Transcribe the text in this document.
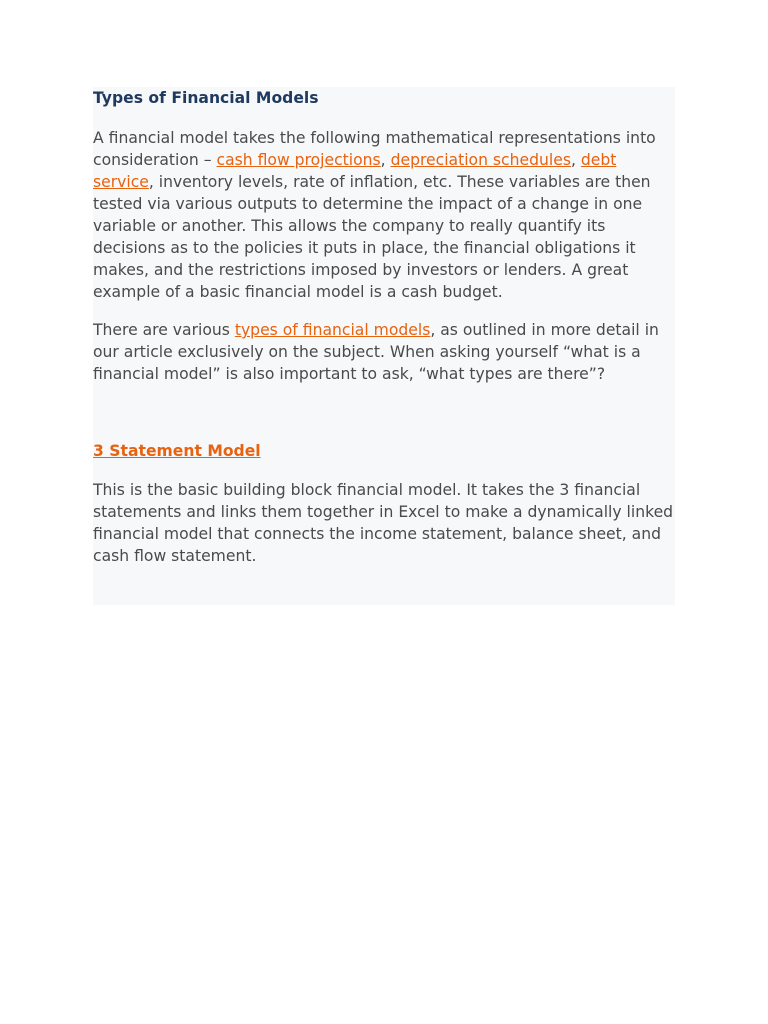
Types of Financial Models

A financial model takes the following mathematical representations into consideration – cash flow projections, depreciation schedules, debt service, inventory levels, rate of inflation, etc. These variables are then tested via various outputs to determine the impact of a change in one variable or another. This allows the company to really quantify its decisions as to the policies it puts in place, the financial obligations it makes, and the restrictions imposed by investors or lenders. A great example of a basic financial model is a cash budget.

There are various types of financial models, as outlined in more detail in our article exclusively on the subject. When asking yourself “what is a financial model” is also important to ask, “what types are there”?

3 Statement Model

This is the basic building block financial model. It takes the 3 financial statements and links them together in Excel to make a dynamically linked financial model that connects the income statement, balance sheet, and cash flow statement.
